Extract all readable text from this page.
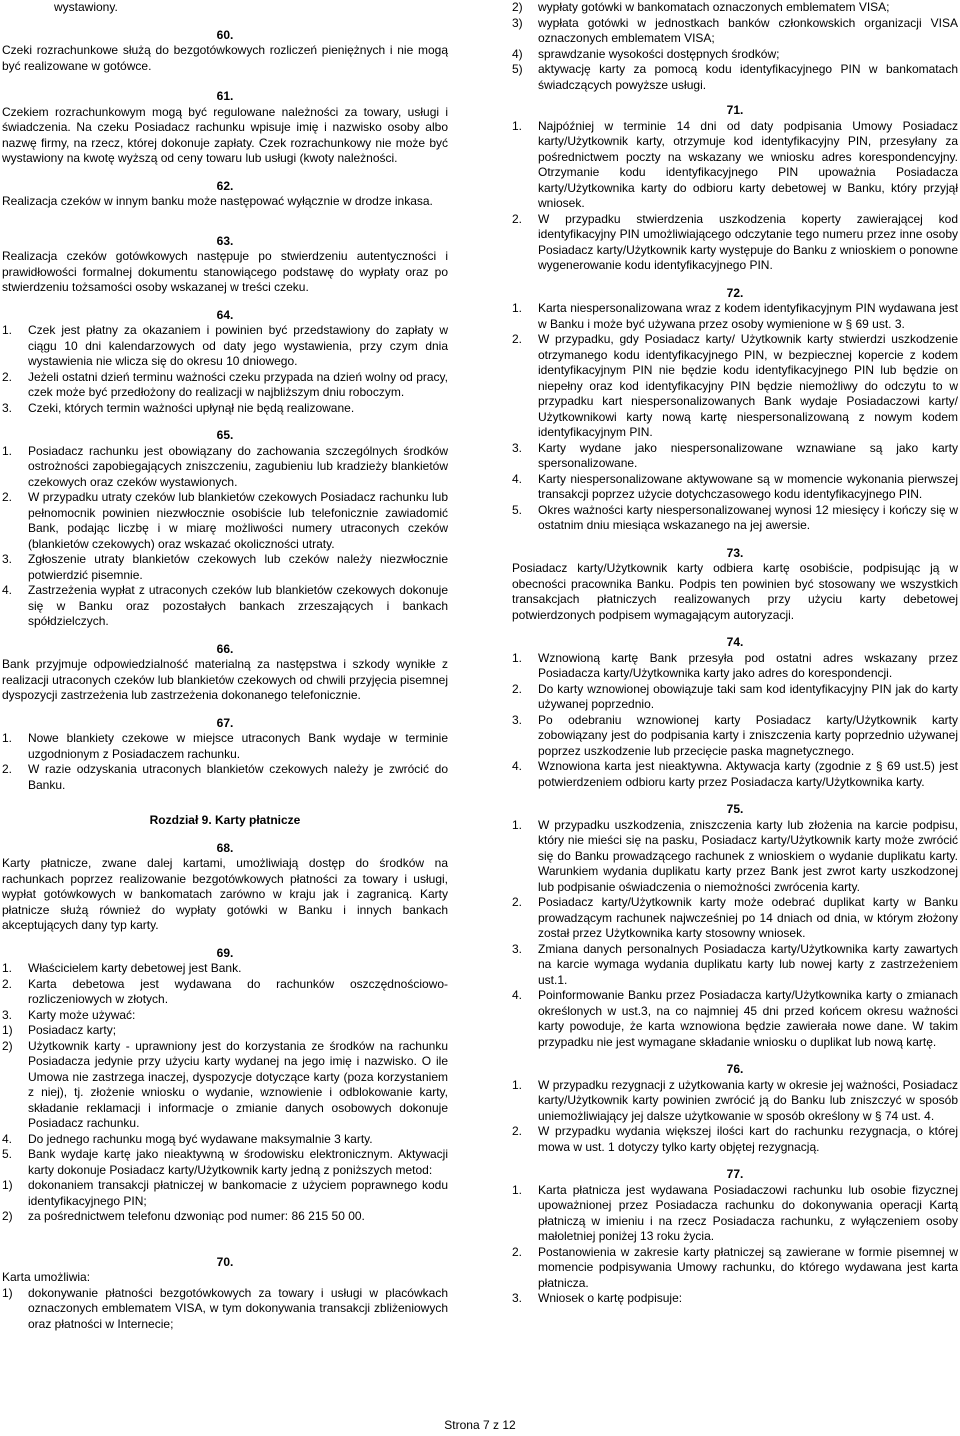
wystawiony.

60.

Czeki rozrachunkowe służą do bezgotówkowych rozliczeń pieniężnych i nie mogą być realizowane w gotówce.

61.

Czekiem rozrachunkowym mogą być regulowane należności za towary, usługi i świadczenia. Na czeku Posiadacz rachunku wpisuje imię i nazwisko osoby albo nazwę firmy, na rzecz, której dokonuje zapłaty. Czek rozrachunkowy nie może być wystawiony na kwotę wyższą od ceny towaru lub usługi (kwoty należności.

62.

Realizacja czeków w innym banku może następować wyłącznie w drodze inkasa.

63.

Realizacja czeków gotówkowych następuje po stwierdzeniu autentyczności i prawidłowości formalnej dokumentu stanowiącego podstawę do wypłaty oraz po stwierdzeniu tożsamości osoby wskazanej w treści czeku.

64.
1. Czek jest płatny za okazaniem i powinien być przedstawiony do zapłaty w ciągu 10 dni kalendarzowych od daty jego wystawienia, przy czym dnia wystawienia nie wlicza się do okresu 10 dniowego.
2. Jeżeli ostatni dzień terminu ważności czeku przypada na dzień wolny od pracy, czek może być przedłożony do realizacji w najbliższym dniu roboczym.
3. Czeki, których termin ważności upłynął nie będą realizowane.
65.
1. Posiadacz rachunku jest obowiązany do zachowania szczególnych środków ostrożności zapobiegających zniszczeniu, zagubieniu lub kradzieży blankietów czekowych oraz czeków wystawionych.
2. W przypadku utraty czeków lub blankietów czekowych Posiadacz rachunku lub pełnomocnik powinien niezwłocznie osobiście lub telefonicznie zawiadomić Bank, podając liczbę i w miarę możliwości numery utraconych czeków (blankietów czekowych) oraz wskazać okoliczności utraty.
3. Zgłoszenie utraty blankietów czekowych lub czeków należy niezwłocznie potwierdzić pisemnie.
4. Zastrzeżenia wypłat z utraconych czeków lub blankietów czekowych dokonuje się w Banku oraz pozostałych bankach zrzeszających i bankach spółdzielczych.
66.

Bank przyjmuje odpowiedzialność materialną za następstwa i szkody wynikłe z realizacji utraconych czeków lub blankietów czekowych od chwili przyjęcia pisemnej dyspozycji zastrzeżenia lub zastrzeżenia dokonanego telefonicznie.

67.
1. Nowe blankiety czekowe w miejsce utraconych Bank wydaje w terminie uzgodnionym z Posiadaczem rachunku.
2. W razie odzyskania utraconych blankietów czekowych należy je zwrócić do Banku.
Rozdział 9. Karty płatnicze
68.

Karty płatnicze, zwane dalej kartami, umożliwiają dostęp do środków na rachunkach poprzez realizowanie bezgotówkowych płatności za towary i usługi, wypłat gotówkowych w bankomatach zarówno w kraju jak i zagranicą. Karty płatnicze służą również do wypłaty gotówki w Banku i innych bankach akceptujących dany typ karty.

69.
1. Właścicielem karty debetowej jest Bank.
2. Karta debetowa jest wydawana do rachunków oszczędnościowo-rozliczeniowych w złotych.
3. Karty może używać:
1) Posiadacz karty;
2) Użytkownik karty - uprawniony jest do korzystania ze środków na rachunku Posiadacza jedynie przy użyciu karty wydanej na jego imię i nazwisko. O ile Umowa nie zastrzega inaczej, dyspozycje dotyczące karty (poza korzystaniem z niej), tj. złożenie wniosku o wydanie, wznowienie i odblokowanie karty, składanie reklamacji i informacje o zmianie danych osobowych dokonuje Posiadacz rachunku.
4. Do jednego rachunku mogą być wydawane maksymalnie 3 karty.
5. Bank wydaje kartę jako nieaktywną w środowisku elektronicznym. Aktywacji karty dokonuje Posiadacz karty/Użytkownik karty jedną z poniższych metod:
1) dokonaniem transakcji płatniczej w bankomacie z użyciem poprawnego kodu identyfikacyjnego PIN;
2) za pośrednictwem telefonu dzwoniąc pod numer: 86 215 50 00.
70.

Karta umożliwia:

1) dokonywanie płatności bezgotówkowych za towary i usługi w placówkach oznaczonych emblematem VISA, w tym dokonywania transakcji zbliżeniowych oraz płatności w Internecie;
2) wypłaty gotówki w bankomatach oznaczonych emblematem VISA;
3) wypłata gotówki w jednostkach banków członkowskich organizacji VISA oznaczonych emblematem VISA;
4) sprawdzanie wysokości dostępnych środków;
5) aktywację karty za pomocą kodu identyfikacyjnego PIN w bankomatach świadczących powyższe usługi.
71.
1. Najpóźniej w terminie 14 dni od daty podpisania Umowy Posiadacz karty/Użytkownik karty, otrzymuje kod identyfikacyjny PIN, przesyłany za pośrednictwem poczty na wskazany we wniosku adres korespondencyjny. Otrzymanie kodu identyfikacyjnego PIN upoważnia Posiadacza karty/Użytkownika karty do odbioru karty debetowej w Banku, który przyjął wniosek.
2. W przypadku stwierdzenia uszkodzenia koperty zawierającej kod identyfikacyjny PIN umożliwiającego odczytanie tego numeru przez inne osoby Posiadacz karty/Użytkownik karty występuje do Banku z wnioskiem o ponowne wygenerowanie kodu identyfikacyjnego PIN.
72.
1. Karta niespersonalizowana wraz z kodem identyfikacyjnym PIN wydawana jest w Banku i może być używana przez osoby wymienione w § 69 ust. 3.
2. W przypadku, gdy Posiadacz karty/ Użytkownik karty stwierdzi uszkodzenie otrzymanego kodu identyfikacyjnego PIN, w bezpiecznej kopercie z kodem identyfikacyjnym PIN nie będzie kodu identyfikacyjnego PIN lub będzie on niepełny oraz kod identyfikacyjny PIN będzie niemożliwy do odczytu to w przypadku kart niespersonalizowanych Bank wydaje Posiadaczowi karty/ Użytkownikowi karty nową kartę niespersonalizowaną z nowym kodem identyfikacyjnym PIN.
3. Karty wydane jako niespersonalizowane wznawiane są jako karty spersonalizowane.
4. Karty niespersonalizowane aktywowane są w momencie wykonania pierwszej transakcji poprzez użycie dotychczasowego kodu identyfikacyjnego PIN.
5. Okres ważności karty niespersonalizowanej wynosi 12 miesięcy i kończy się w ostatnim dniu miesiąca wskazanego na jej awersie.
73.

Posiadacz karty/Użytkownik karty odbiera kartę osobiście, podpisując ją w obecności pracownika Banku. Podpis ten powinien być stosowany we wszystkich transakcjach płatniczych realizowanych przy użyciu karty debetowej potwierdzonych podpisem wymagającym autoryzacji.

74.
1. Wznowioną kartę Bank przesyła pod ostatni adres wskazany przez Posiadacza karty/Użytkownika karty jako adres do korespondencji.
2. Do karty wznowionej obowiązuje taki sam kod identyfikacyjny PIN jak do karty używanej poprzednio.
3. Po odebraniu wznowionej karty Posiadacz karty/Użytkownik karty zobowiązany jest do podpisania karty i zniszczenia karty poprzednio używanej poprzez uszkodzenie lub przecięcie paska magnetycznego.
4. Wznowiona karta jest nieaktywna. Aktywacja karty (zgodnie z § 69 ust.5) jest potwierdzeniem odbioru karty przez Posiadacza karty/Użytkownika karty.
75.
1. W przypadku uszkodzenia, zniszczenia karty lub złożenia na karcie podpisu, który nie mieści się na pasku, Posiadacz karty/Użytkownik karty może zwrócić się do Banku prowadzącego rachunek z wnioskiem o wydanie duplikatu karty. Warunkiem wydania duplikatu karty przez Bank jest zwrot karty uszkodzonej lub podpisanie oświadczenia o niemożności zwrócenia karty.
2. Posiadacz karty/Użytkownik karty może odebrać duplikat karty w Banku prowadzącym rachunek najwcześniej po 14 dniach od dnia, w którym złożony został przez Użytkownika karty stosowny wniosek.
3. Zmiana danych personalnych Posiadacza karty/Użytkownika karty zawartych na karcie wymaga wydania duplikatu karty lub nowej karty z zastrzeżeniem ust.1.
4. Poinformowanie Banku przez Posiadacza karty/Użytkownika karty o zmianach określonych w ust.3, na co najmniej 45 dni przed końcem okresu ważności karty powoduje, że karta wznowiona będzie zawierała nowe dane. W takim przypadku nie jest wymagane składanie wniosku o duplikat lub nową kartę.
76.
1. W przypadku rezygnacji z użytkowania karty w okresie jej ważności, Posiadacz karty/Użytkownik karty powinien zwrócić ją do Banku lub zniszczyć w sposób uniemożliwiający jej dalsze użytkowanie w sposób określony w § 74 ust. 4.
2. W przypadku wydania większej ilości kart do rachunku rezygnacja, o której mowa w ust. 1 dotyczy tylko karty objętej rezygnacją.
77.
1. Karta płatnicza jest wydawana Posiadaczowi rachunku lub osobie fizycznej upoważnionej przez Posiadacza rachunku do dokonywania operacji Kartą płatniczą w imieniu i na rzecz Posiadacza rachunku, z wyłączeniem osoby małoletniej poniżej 13 roku życia.
2. Postanowienia w zakresie karty płatniczej są zawierane w formie pisemnej w momencie podpisywania Umowy rachunku, do którego wydawana jest karta płatnicza.
3. Wniosek o kartę podpisuje:
Strona 7 z 12
